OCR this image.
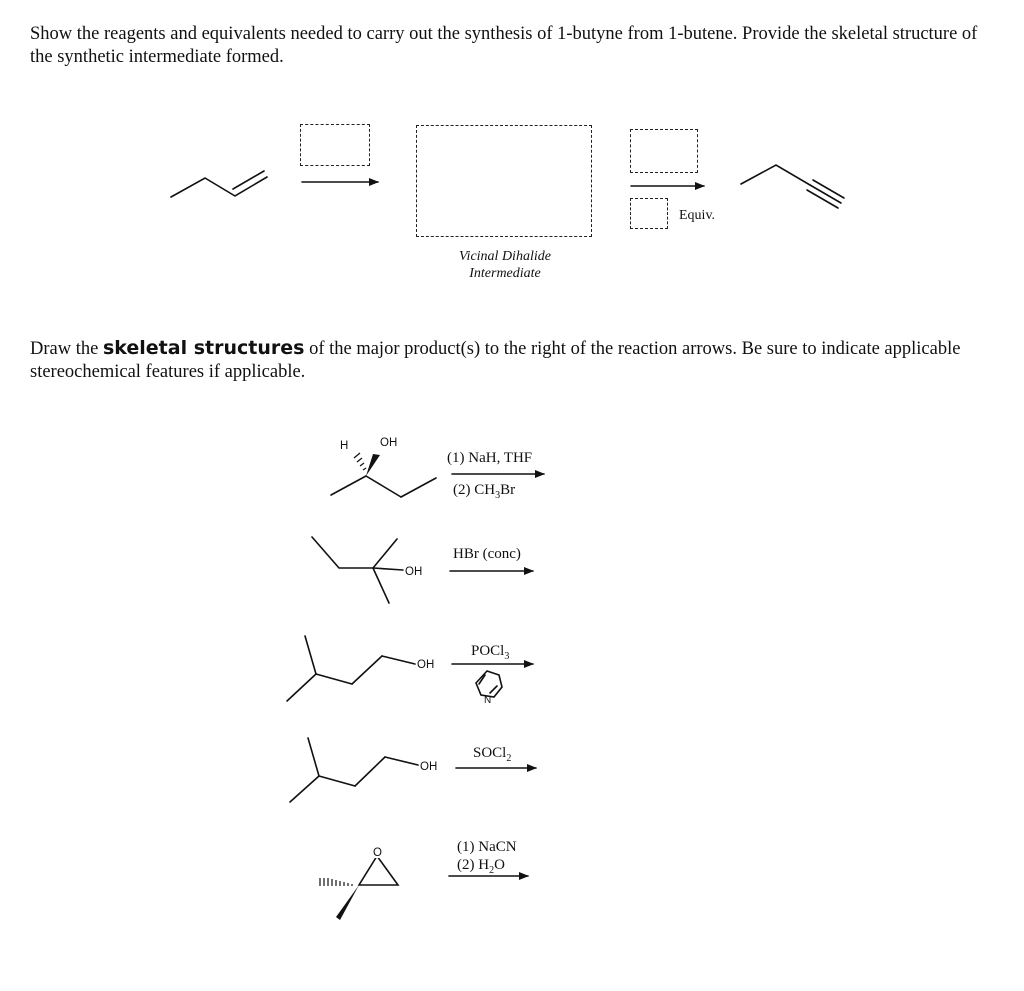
Show the reagents and equivalents needed to carry out the synthesis of 1-butyne from 1-butene. Provide the skeletal structure of the synthetic intermediate formed.
Equiv.
Vicinal Dihalide
Intermediate
Draw the skeletal structures of the major product(s) to the right of the reaction arrows. Be sure to indicate applicable stereochemical features if applicable.
(1) NaH, THF
(2) $CH_3Br$
HBr (conc)
POCl$_3$
SOCl$_2$
(1) NaCN
(2) $H_2O$
H	OH
OH
OH
OH
N
O
